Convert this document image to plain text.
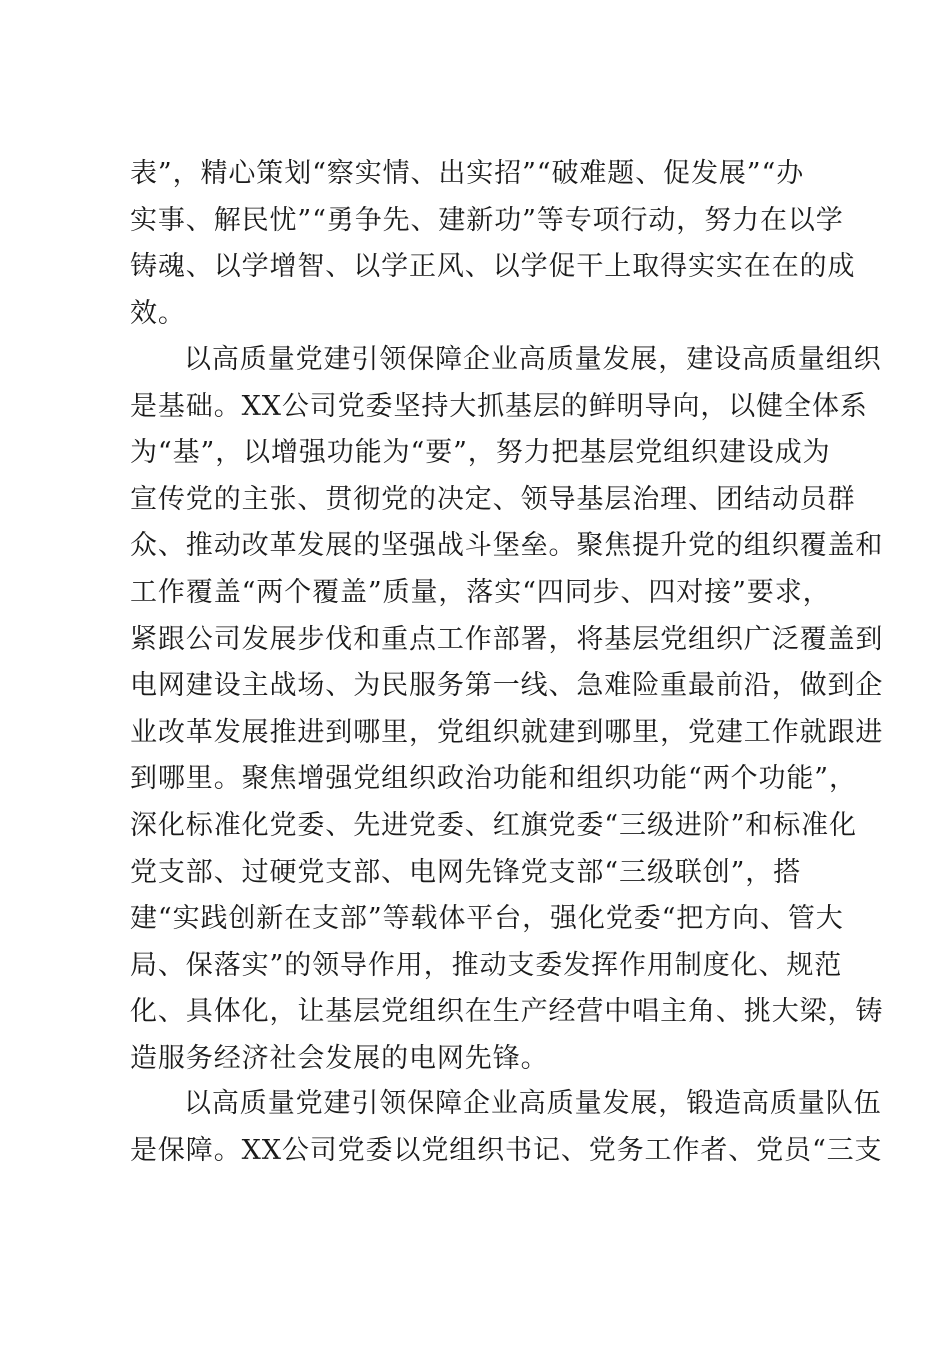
表”，精心策划“察实情、出实招”“破难题、促发展”“办
实事、解民忧”“勇争先、建新功”等专项行动，努力在以学
铸魂、以学增智、以学正风、以学促干上取得实实在在的成
效。
以高质量党建引领保障企业高质量发展，建设高质量组织
是基础。XX公司党委坚持大抓基层的鲜明导向，以健全体系
为“基”，以增强功能为“要”，努力把基层党组织建设成为
宣传党的主张、贯彻党的决定、领导基层治理、团结动员群
众、推动改革发展的坚强战斗堡垒。聚焦提升党的组织覆盖和
工作覆盖“两个覆盖”质量，落实“四同步、四对接”要求，
紧跟公司发展步伐和重点工作部署，将基层党组织广泛覆盖到
电网建设主战场、为民服务第一线、急难险重最前沿，做到企
业改革发展推进到哪里，党组织就建到哪里，党建工作就跟进
到哪里。聚焦增强党组织政治功能和组织功能“两个功能”，
深化标准化党委、先进党委、红旗党委“三级进阶”和标准化
党支部、过硬党支部、电网先锋党支部“三级联创”，搭
建“实践创新在支部”等载体平台，强化党委“把方向、管大
局、保落实”的领导作用，推动支委发挥作用制度化、规范
化、具体化，让基层党组织在生产经营中唱主角、挑大梁，铸
造服务经济社会发展的电网先锋。
以高质量党建引领保障企业高质量发展，锻造高质量队伍
是保障。XX公司党委以党组织书记、党务工作者、党员“三支
